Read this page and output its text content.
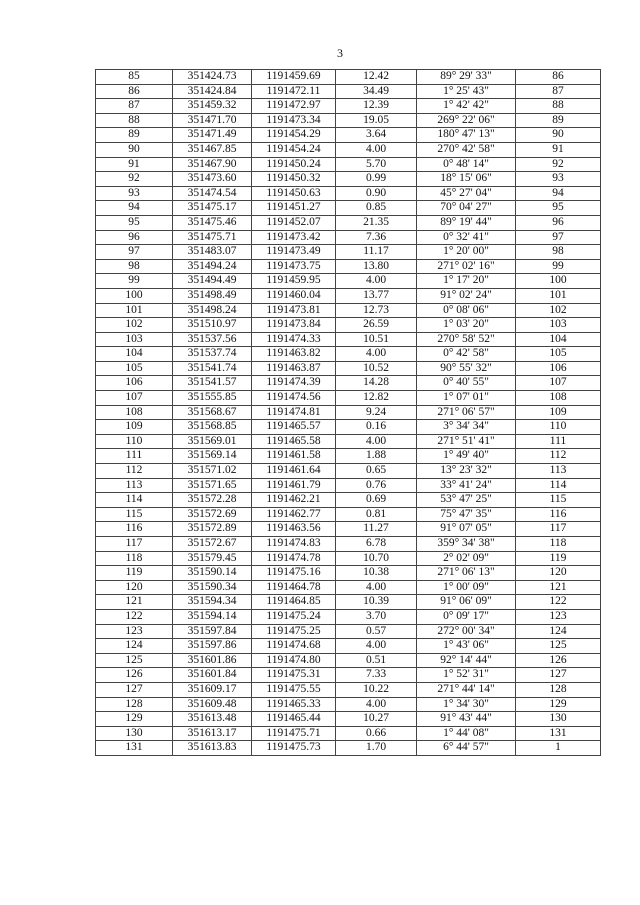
3
85	351424.73	1191459.69	12.42	89° 29' 33"	86
86	351424.84	1191472.11	34.49	1° 25' 43"	87
87	351459.32	1191472.97	12.39	1° 42' 42"	88
88	351471.70	1191473.34	19.05	269° 22' 06"	89
89	351471.49	1191454.29	3.64	180° 47' 13"	90
90	351467.85	1191454.24	4.00	270° 42' 58"	91
91	351467.90	1191450.24	5.70	0° 48' 14"	92
92	351473.60	1191450.32	0.99	18° 15' 06"	93
93	351474.54	1191450.63	0.90	45° 27' 04"	94
94	351475.17	1191451.27	0.85	70° 04' 27"	95
95	351475.46	1191452.07	21.35	89° 19' 44"	96
96	351475.71	1191473.42	7.36	0° 32' 41"	97
97	351483.07	1191473.49	11.17	1° 20' 00"	98
98	351494.24	1191473.75	13.80	271° 02' 16"	99
99	351494.49	1191459.95	4.00	1° 17' 20"	100
100	351498.49	1191460.04	13.77	91° 02' 24"	101
101	351498.24	1191473.81	12.73	0° 08' 06"	102
102	351510.97	1191473.84	26.59	1° 03' 20"	103
103	351537.56	1191474.33	10.51	270° 58' 52"	104
104	351537.74	1191463.82	4.00	0° 42' 58"	105
105	351541.74	1191463.87	10.52	90° 55' 32"	106
106	351541.57	1191474.39	14.28	0° 40' 55"	107
107	351555.85	1191474.56	12.82	1° 07' 01"	108
108	351568.67	1191474.81	9.24	271° 06' 57"	109
109	351568.85	1191465.57	0.16	3° 34' 34"	110
110	351569.01	1191465.58	4.00	271° 51' 41"	111
111	351569.14	1191461.58	1.88	1° 49' 40"	112
112	351571.02	1191461.64	0.65	13° 23' 32"	113
113	351571.65	1191461.79	0.76	33° 41' 24"	114
114	351572.28	1191462.21	0.69	53° 47' 25"	115
115	351572.69	1191462.77	0.81	75° 47' 35"	116
116	351572.89	1191463.56	11.27	91° 07' 05"	117
117	351572.67	1191474.83	6.78	359° 34' 38"	118
118	351579.45	1191474.78	10.70	2° 02' 09"	119
119	351590.14	1191475.16	10.38	271° 06' 13"	120
120	351590.34	1191464.78	4.00	1° 00' 09"	121
121	351594.34	1191464.85	10.39	91° 06' 09"	122
122	351594.14	1191475.24	3.70	0° 09' 17"	123
123	351597.84	1191475.25	0.57	272° 00' 34"	124
124	351597.86	1191474.68	4.00	1° 43' 06"	125
125	351601.86	1191474.80	0.51	92° 14' 44"	126
126	351601.84	1191475.31	7.33	1° 52' 31"	127
127	351609.17	1191475.55	10.22	271° 44' 14"	128
128	351609.48	1191465.33	4.00	1° 34' 30"	129
129	351613.48	1191465.44	10.27	91° 43' 44"	130
130	351613.17	1191475.71	0.66	1° 44' 08"	131
131	351613.83	1191475.73	1.70	6° 44' 57"	1
